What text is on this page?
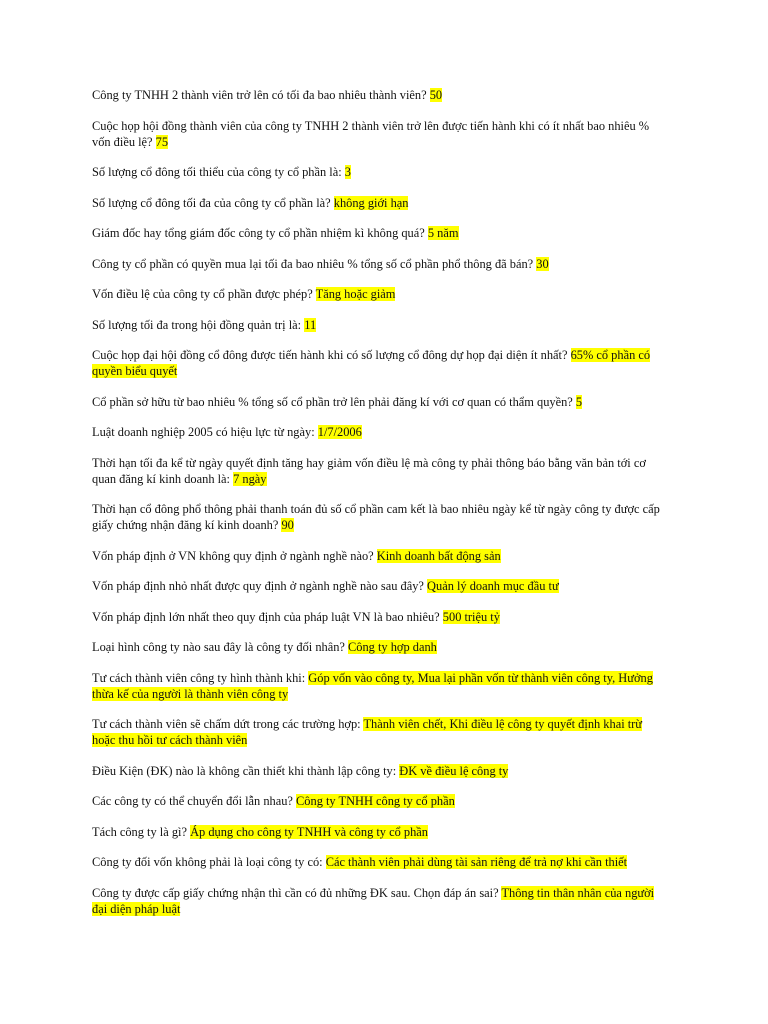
Công ty TNHH 2 thành viên trở lên có tối đa bao nhiêu thành viên? 50

Cuộc họp hội đồng thành viên của công ty TNHH 2 thành viên trở lên được tiến hành khi có ít nhất bao nhiêu % vốn điều lệ? 75

Số lượng cổ đông tối thiểu của công ty cổ phần là: 3

Số lượng cổ đông tối đa của công ty cổ phần là? không giới hạn

Giám đốc hay tổng giám đốc công ty cổ phần nhiệm kì không quá? 5 năm

Công ty cổ phần có quyền mua lại tối đa bao nhiêu % tổng số cổ phần phổ thông đã bán? 30

Vốn điều lệ của công ty cổ phần được phép? Tăng hoặc giảm

Số lượng tối đa trong hội đồng quản trị là: 11

Cuộc họp đại hội đồng cổ đông được tiến hành khi có số lượng cổ đông dự họp đại diện ít nhất? 65% cổ phần có quyền biểu quyết

Cổ phần sở hữu từ bao nhiêu % tổng số cổ phần trở lên phải đăng kí với cơ quan có thẩm quyền? 5

Luật doanh nghiệp 2005 có hiệu lực từ ngày: 1/7/2006

Thời hạn tối đa kể từ ngày quyết định tăng hay giảm vốn điều lệ mà công ty phải thông báo bằng văn bản tới cơ quan đăng kí kinh doanh là: 7 ngày

Thời hạn cổ đông phổ thông phải thanh toán đủ số cổ phần cam kết là bao nhiêu ngày kể từ ngày công ty được cấp giấy chứng nhận đăng kí kinh doanh? 90

Vốn pháp định ở VN không quy định ở ngành nghề nào? Kinh doanh bất động sản

Vốn pháp định nhỏ nhất được quy định ở ngành nghề nào sau đây? Quản lý doanh mục đầu tư

Vốn pháp định lớn nhất theo quy định của pháp luật VN là bao nhiêu? 500 triệu tỷ

Loại hình công ty nào sau đây là công ty đối nhân? Công ty hợp danh

Tư cách thành viên công ty hình thành khi: Góp vốn vào công ty, Mua lại phần vốn từ thành viên công ty, Hưởng thừa kế của người là thành viên công ty

Tư cách thành viên sẽ chấm dứt trong các trường hợp: Thành viên chết, Khi điều lệ công ty quyết định khai trừ hoặc thu hồi tư cách thành viên

Điều Kiện (ĐK) nào là không cần thiết khi thành lập công ty: ĐK về điều lệ công ty

Các công ty có thể chuyển đổi lẫn nhau? Công ty TNHH công ty cổ phần

Tách công ty là gì? Áp dụng cho công ty TNHH và công ty cổ phần

Công ty đối vốn không phải là loại công ty có: Các thành viên phải dùng tài sản riêng để trả nợ khi cần thiết

Công ty được cấp giấy chứng nhận thì cần có đủ những ĐK sau. Chọn đáp án sai? Thông tin thân nhân của người đại diện pháp luật
